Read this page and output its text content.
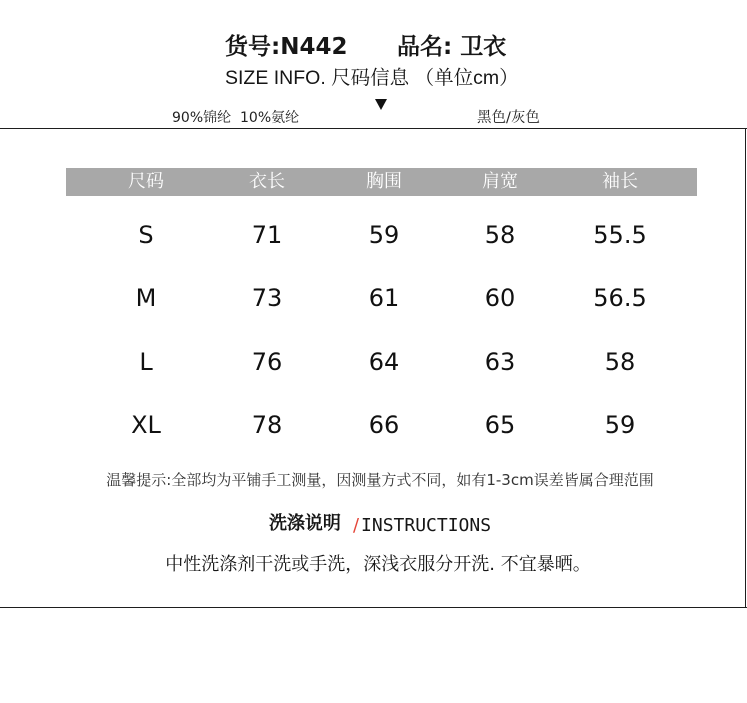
货号:N442 品名: 卫衣
SIZE INFO. 尺码信息 （单位cm）
90%锦纶  10%氨纶	黑色/灰色
尺码	衣长	胸围	肩宽	袖长
S	71	59	58	55.5
M	73	61	60	56.5
L	76	64	63	58
XL	78	66	65	59
温馨提示:全部均为平铺手工测量，因测量方式不同，如有1-3cm误差皆属合理范围
洗涤说明 / INSTRUCTIONS
中性洗涤剂干洗或手洗，深浅衣服分开洗. 不宜暴晒。
